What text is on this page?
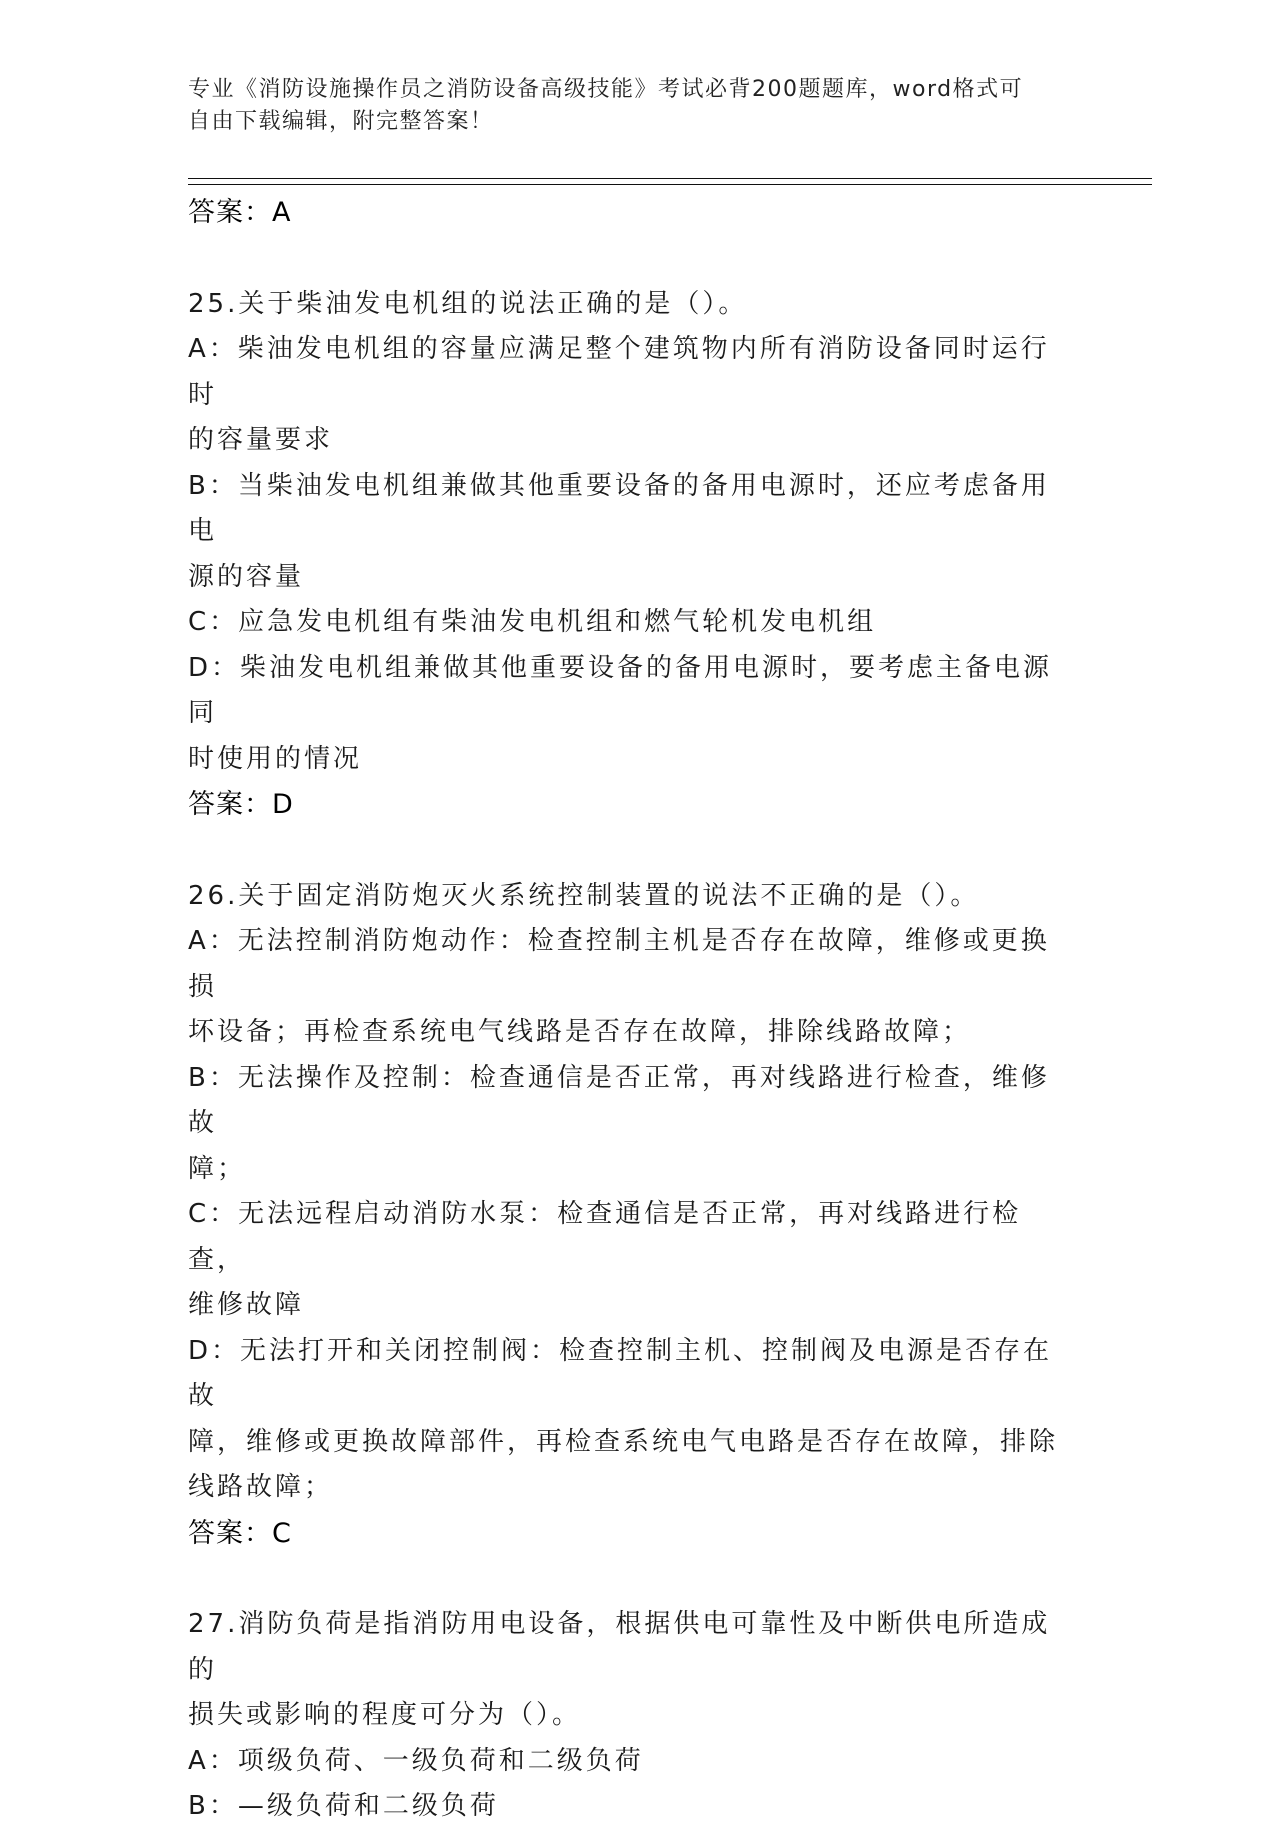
专业《消防设施操作员之消防设备高级技能》考试必背200题题库，word格式可
自由下载编辑，附完整答案！
答案：A
25.关于柴油发电机组的说法正确的是（）。
A：柴油发电机组的容量应满足整个建筑物内所有消防设备同时运行时
的容量要求
B：当柴油发电机组兼做其他重要设备的备用电源时，还应考虑备用电
源的容量
C：应急发电机组有柴油发电机组和燃气轮机发电机组
D：柴油发电机组兼做其他重要设备的备用电源时，要考虑主备电源同
时使用的情况
答案：D
26.关于固定消防炮灭火系统控制装置的说法不正确的是（）。
A：无法控制消防炮动作：检查控制主机是否存在故障，维修或更换损
坏设备；再检查系统电气线路是否存在故障，排除线路故障；
B：无法操作及控制：检查通信是否正常，再对线路进行检查，维修故
障；
C：无法远程启动消防水泵：检查通信是否正常，再对线路进行检查，
维修故障
D：无法打开和关闭控制阀：检查控制主机、控制阀及电源是否存在故
障，维修或更换故障部件，再检查系统电气电路是否存在故障，排除
线路故障；
答案：C
27.消防负荷是指消防用电设备，根据供电可靠性及中断供电所造成的
损失或影响的程度可分为（）。
A：项级负荷、一级负荷和二级负荷
B：—级负荷和二级负荷
